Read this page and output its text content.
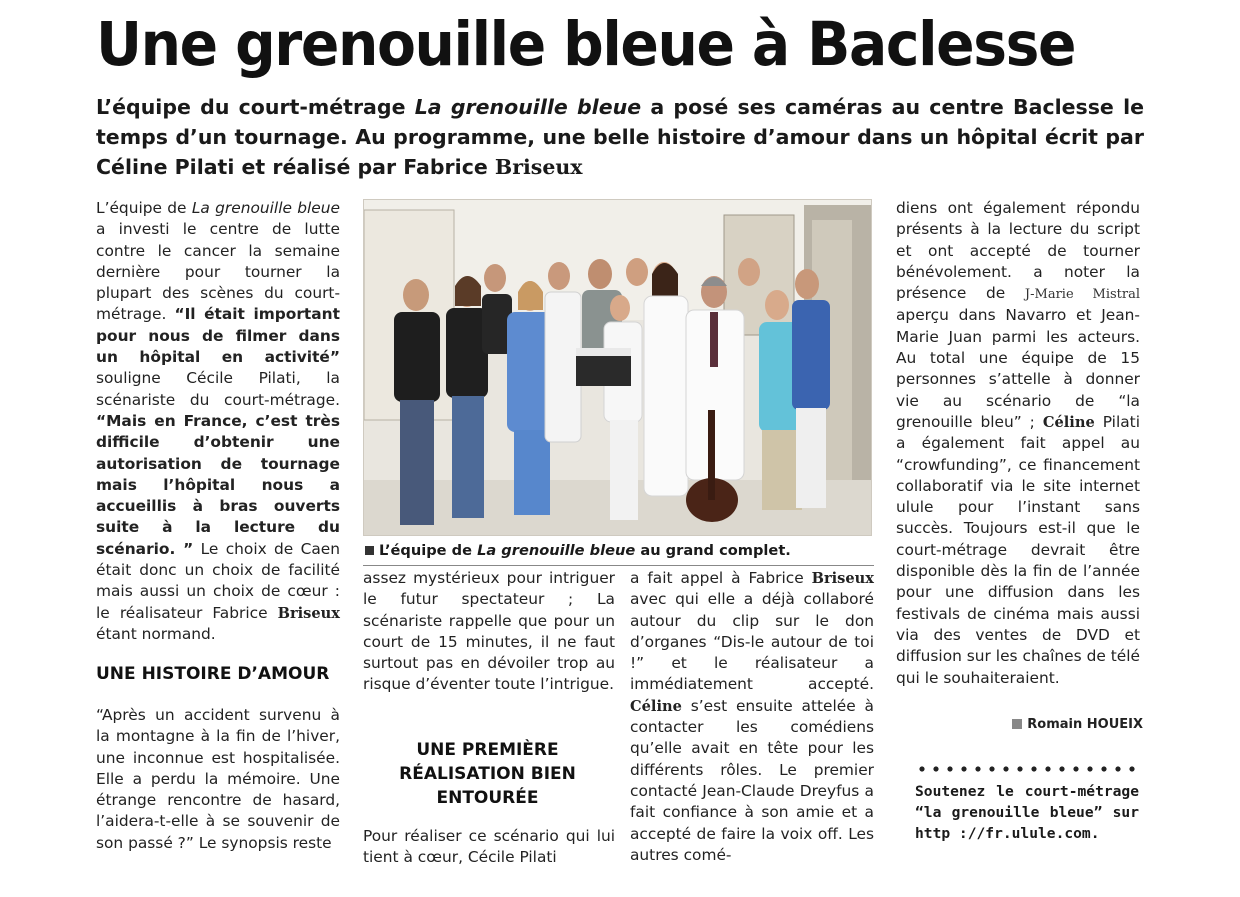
Une grenouille bleue à Baclesse

L’équipe du court-métrage La grenouille bleue a posé ses caméras au centre Baclesse le temps d’un tournage. Au programme, une belle histoire d’amour dans un hôpital écrit par Céline Pilati et réalisé par Fabrice Briseux

L’équipe de La grenouille bleue a investi le centre de lutte contre le cancer la semaine dernière pour tourner la plupart des scènes du court-métrage. “Il était important pour nous de filmer dans un hôpital en activité” souligne Cécile Pilati, la scénariste du court-métrage. “Mais en France, c’est très difficile d’obtenir une autorisation de tournage mais l’hôpital nous a accueillis à bras ouverts suite à la lecture du scénario. ” Le choix de Caen était donc un choix de facilité mais aussi un choix de cœur : le réalisateur Fabrice Briseux étant normand.

UNE HISTOIRE D’AMOUR

“Après un accident survenu à la montagne à la fin de l’hiver, une inconnue est hospitalisée. Elle a perdu la mémoire. Une étrange rencontre de hasard, l’aidera-t-elle à se souvenir de son passé ?” Le synopsis reste

L’équipe de La grenouille bleue au grand complet.

assez mystérieux pour intriguer le futur spectateur ; La scénariste rappelle que pour un court de 15 minutes, il ne faut surtout pas en dévoiler trop au risque d’éventer toute l’intrigue.

UNE PREMIÈRE RÉALISATION BIEN ENTOURÉE

Pour réaliser ce scénario qui lui tient à cœur, Cécile Pilati

a fait appel à Fabrice Briseux avec qui elle a déjà collaboré autour du clip sur le don d’organes “Dis-le autour de toi !” et le réalisateur a immédiatement accepté. Céline s’est ensuite attelée à contacter les comédiens qu’elle avait en tête pour les différents rôles. Le premier contacté Jean-Claude Dreyfus a fait confiance à son amie et a accepté de faire la voix off. Les autres comé-

diens ont également répondu présents à la lecture du script et ont accepté de tourner bénévolement. a noter la présence de J-Marie Mistral aperçu dans Navarro et Jean-Marie Juan parmi les acteurs. Au total une équipe de 15 personnes s’attelle à donner vie au scénario de “la grenouille bleu” ; Céline Pilati a également fait appel au “crowfunding”, ce financement collaboratif via le site internet ulule pour l’instant sans succès. Toujours est-il que le court-métrage devrait être disponible dès la fin de l’année pour une diffusion dans les festivals de cinéma mais aussi via des ventes de DVD et diffusion sur les chaînes de télé qui le souhaiteraient.

Romain HOUEIX

Soutenez le court-métrage “la grenouille bleue” sur http ://fr.ulule.com.
